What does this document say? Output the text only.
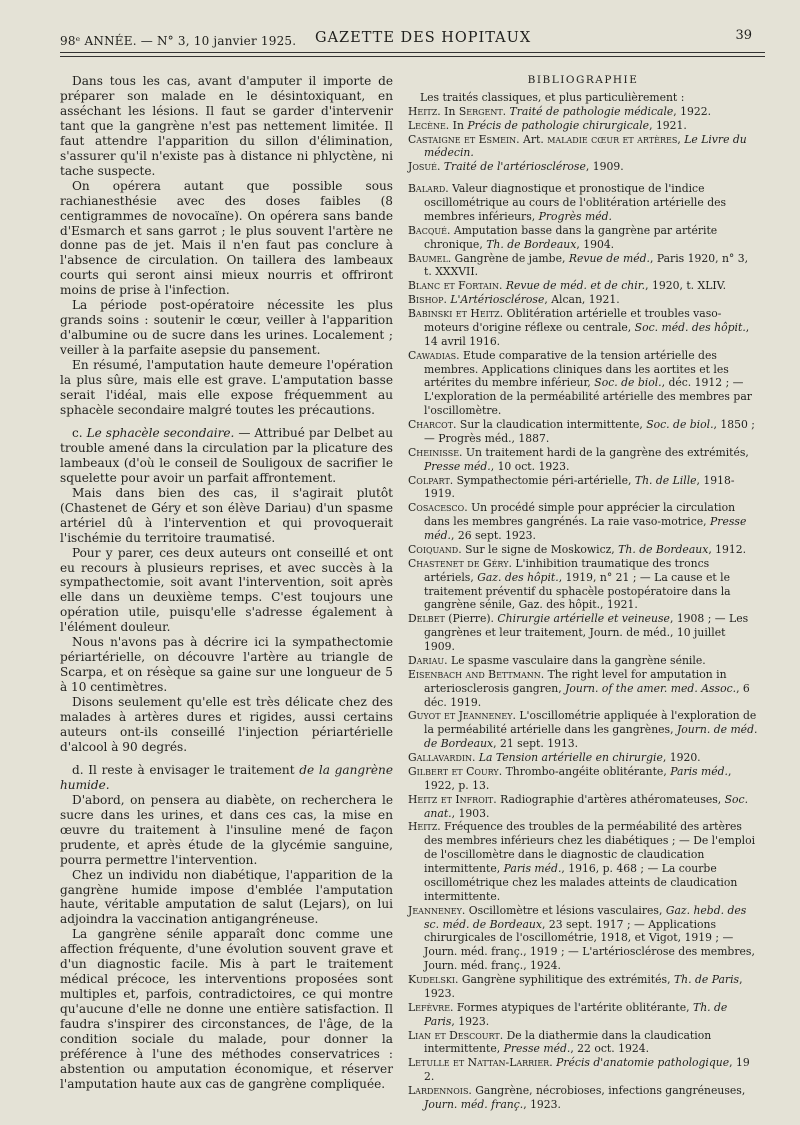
98ᵉ ANNÉE. — N° 3, 10 janvier 1925. GAZETTE DES HOPITAUX	39

Dans tous les cas, avant d'amputer il importe de préparer son malade en le désintoxiquant, en asséchant les lésions. Il faut se garder d'intervenir tant que la gangrène n'est pas nettement limitée. Il faut attendre l'apparition du sillon d'élimination, s'assurer qu'il n'existe pas à distance ni phlyctène, ni tache suspecte.

On opérera autant que possible sous rachianesthésie avec des doses faibles (8 centigrammes de novocaïne). On opérera sans bande d'Esmarch et sans garrot ; le plus souvent l'artère ne donne pas de jet. Mais il n'en faut pas conclure à l'absence de circulation. On taillera des lambeaux courts qui seront ainsi mieux nourris et offriront moins de prise à l'infection.

La période post-opératoire nécessite les plus grands soins : soutenir le cœur, veiller à l'apparition d'albumine ou de sucre dans les urines. Localement ; veiller à la parfaite asepsie du pansement.

En résumé, l'amputation haute demeure l'opération la plus sûre, mais elle est grave. L'amputation basse serait l'idéal, mais elle expose fréquemment au sphacèle secondaire malgré toutes les précautions.

c. Le sphacèle secondaire. — Attribué par Delbet au trouble amené dans la circulation par la plicature des lambeaux (d'où le conseil de Souligoux de sacrifier le squelette pour avoir un parfait affrontement.

Mais dans bien des cas, il s'agirait plutôt (Chastenet de Géry et son élève Dariau) d'un spasme artériel dû à l'intervention et qui provoquerait l'ischémie du territoire traumatisé.

Pour y parer, ces deux auteurs ont conseillé et ont eu recours à plusieurs reprises, et avec succès à la sympathectomie, soit avant l'intervention, soit après elle dans un deuxième temps. C'est toujours une opération utile, puisqu'elle s'adresse également à l'élément douleur.

Nous n'avons pas à décrire ici la sympathectomie périartérielle, on découvre l'artère au triangle de Scarpa, et on résèque sa gaine sur une longueur de 5 à 10 centimètres.

Disons seulement qu'elle est très délicate chez des malades à artères dures et rigides, aussi certains auteurs ont-ils conseillé l'injection périartérielle d'alcool à 90 degrés.

d. Il reste à envisager le traitement de la gangrène humide.

D'abord, on pensera au diabète, on recherchera le sucre dans les urines, et dans ces cas, la mise en œuvre du traitement à l'insuline mené de façon prudente, et après étude de la glycémie sanguine, pourra permettre l'intervention.

Chez un individu non diabétique, l'apparition de la gangrène humide impose d'emblée l'amputation haute, véritable amputation de salut (Lejars), on lui adjoindra la vaccination antigangréneuse.

La gangrène sénile apparaît donc comme une affection fréquente, d'une évolution souvent grave et d'un diagnostic facile. Mis à part le traitement médical précoce, les interventions proposées sont multiples et, parfois, contradictoires, ce qui montre qu'aucune d'elle ne donne une entière satisfaction. Il faudra s'inspirer des circonstances, de l'âge, de la condition sociale du malade, pour donner la préférence à l'une des méthodes conservatrices : abstention ou amputation économique, et réserver l'amputation haute aux cas de gangrène compliquée.

BIBLIOGRAPHIE

Les traités classiques, et plus particulièrement :

Heitz. In Sergent. Traité de pathologie médicale, 1922.

Lecène. In Précis de pathologie chirurgicale, 1921.

Castaigne et Esmein. Art. maladie cœur et artères, Le Livre du médecin.

Josué. Traité de l'artériosclérose, 1909.

Balard. Valeur diagnostique et pronostique de l'indice oscillométrique au cours de l'oblitération artérielle des membres inférieurs, Progrès méd.

Bacqué. Amputation basse dans la gangrène par artérite chronique, Th. de Bordeaux, 1904.

Baumel. Gangrène de jambe, Revue de méd., Paris 1920, n° 3, t. XXXVII.

Blanc et Fortain. Revue de méd. et de chir., 1920, t. XLIV.

Bishop. L'Artériosclérose, Alcan, 1921.

Babinski et Heitz. Oblitération artérielle et troubles vaso-moteurs d'origine réflexe ou centrale, Soc. méd. des hôpit., 14 avril 1916.

Cawadias. Etude comparative de la tension artérielle des membres. Applications cliniques dans les aortites et les artérites du membre inférieur, Soc. de biol., déc. 1912 ; — L'exploration de la perméabilité artérielle des membres par l'oscillomètre.

Charcot. Sur la claudication intermittente, Soc. de biol., 1850 ; — Progrès méd., 1887.

Cheinisse. Un traitement hardi de la gangrène des extrémités, Presse méd., 10 oct. 1923.

Colpart. Sympathectomie péri-artérielle, Th. de Lille, 1918-1919.

Cosacesco. Un procédé simple pour apprécier la circulation dans les membres gangrénés. La raie vaso-motrice, Presse méd., 26 sept. 1923.

Coiquand. Sur le signe de Moskowicz, Th. de Bordeaux, 1912.

Chastenet de Géry. L'inhibition traumatique des troncs artériels, Gaz. des hôpit., 1919, n° 21 ; — La cause et le traitement préventif du sphacèle postopératoire dans la gangrène sénile, Gaz. des hôpit., 1921.

Delbet (Pierre). Chirurgie artérielle et veineuse, 1908 ; — Les gangrènes et leur traitement, Journ. de méd., 10 juillet 1909.

Dariau. Le spasme vasculaire dans la gangrène sénile.

Eisenbach and Bettmann. The right level for amputation in arteriosclerosis gangren, Journ. of the amer. med. Assoc., 6 déc. 1919.

Guyot et Jeanneney. L'oscillométrie appliquée à l'exploration de la perméabilité artérielle dans les gangrènes, Journ. de méd. de Bordeaux, 21 sept. 1913.

Gallavardin. La Tension artérielle en chirurgie, 1920.

Gilbert et Coury. Thrombo-angéite oblitérante, Paris méd., 1922, p. 13.

Heitz et Infroit. Radiographie d'artères athéromateuses, Soc. anat., 1903.

Heitz. Fréquence des troubles de la perméabilité des artères des membres inférieurs chez les diabétiques ; — De l'emploi de l'oscillomètre dans le diagnostic de claudication intermittente, Paris méd., 1916, p. 468 ; — La courbe oscillométrique chez les malades atteints de claudication intermittente.

Jeanneney. Oscillomètre et lésions vasculaires, Gaz. hebd. des sc. méd. de Bordeaux, 23 sept. 1917 ; — Applications chirurgicales de l'oscillométrie, 1918, et Vigot, 1919 ; — Journ. méd. franç., 1919 ; — L'artériosclérose des membres, Journ. méd. franç., 1924.

Kudelski. Gangrène syphilitique des extrémités, Th. de Paris, 1923.

Lefèvre. Formes atypiques de l'artérite oblitérante, Th. de Paris, 1923.

Lian et Descourt. De la diathermie dans la claudication intermittente, Presse méd., 22 oct. 1924.

Letulle et Nattan-Larrier. Précis d'anatomie pathologique, 19 2.

Lardennois. Gangrène, nécrobioses, infections gangréneuses, Journ. méd. franç., 1923.
